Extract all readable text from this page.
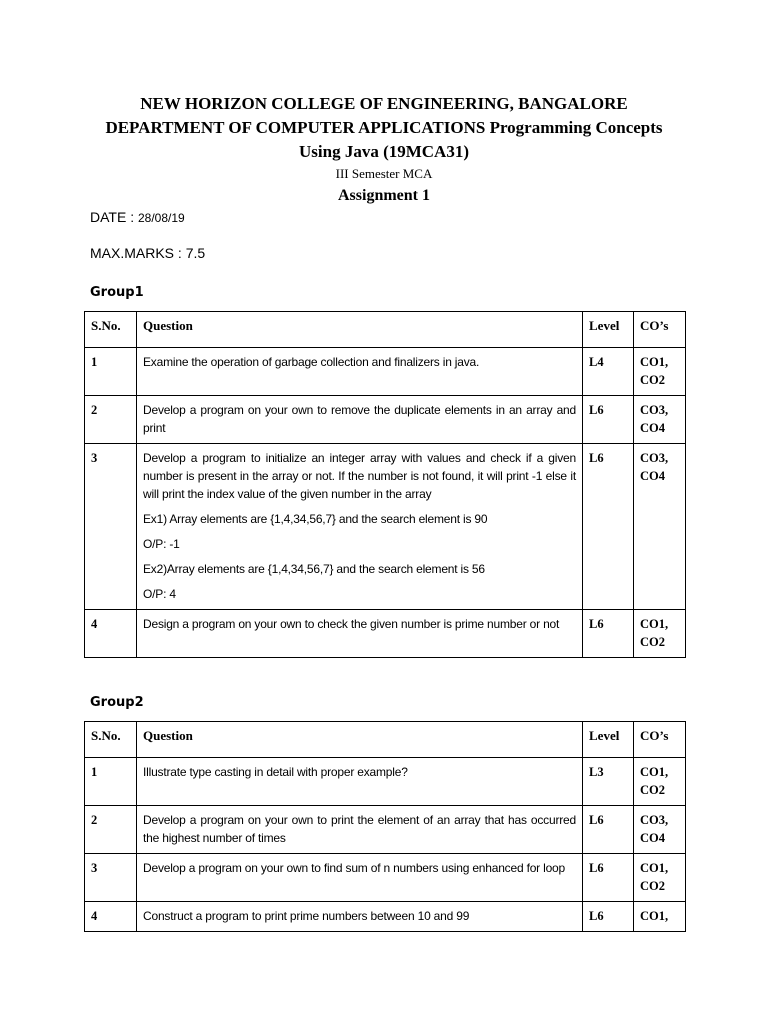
NEW HORIZON COLLEGE OF ENGINEERING, BANGALORE
DEPARTMENT OF COMPUTER APPLICATIONS Programming Concepts
Using Java (19MCA31)
III Semester MCA
Assignment 1
DATE : 28/08/19
MAX.MARKS : 7.5
Group1
S.No.	Question	Level	CO’s
1	Examine the operation of garbage collection and finalizers in java.	L4	CO1,
CO2

2	Develop a program on your own to remove the duplicate elements in an array and print	L6	CO3,
CO4

3	Develop a program to initialize an integer array with values and check if a given number is present in the array or not. If the number is not found, it will print -1 else it will print the index value of the given number in the array
Ex1) Array elements are {1,4,34,56,7} and the search element is 90
O/P: -1
Ex2)Array elements are {1,4,34,56,7} and the search element is 56
O/P: 4	L6	CO3,
CO4

4	Design a program on your own to check the given number is prime number or not	L6	CO1,
CO2
Group2
S.No.	Question	Level	CO’s
1	Illustrate type casting in detail with proper example?	L3	CO1,
CO2

2	Develop a program on your own to print the element of an array that has occurred the highest number of times	L6	CO3,
CO4

3	Develop a program on your own to find sum of n numbers using enhanced for loop	L6	CO1,
CO2

4	Construct a program to print prime numbers between 10 and 99	L6	CO1,
